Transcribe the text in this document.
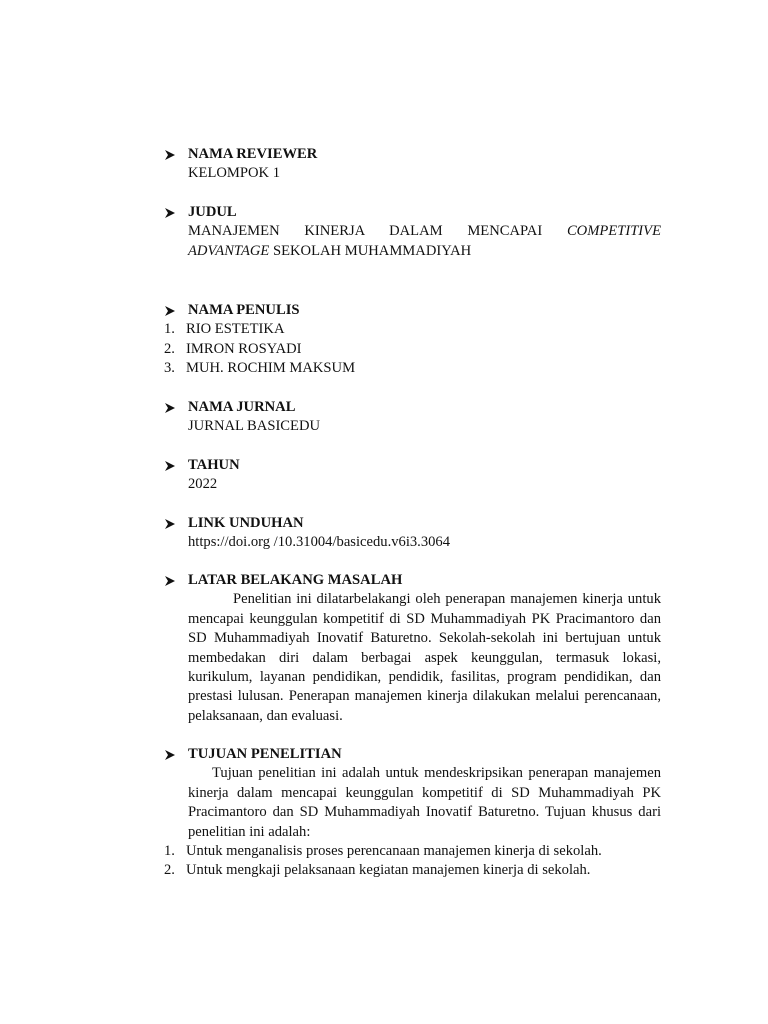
NAMA REVIEWER
KELOMPOK 1
JUDUL
MANAJEMEN KINERJA DALAM MENCAPAI COMPETITIVE
ADVANTAGE SEKOLAH MUHAMMADIYAH
NAMA PENULIS
1. RIO ESTETIKA
2. IMRON ROSYADI
3. MUH. ROCHIM MAKSUM
NAMA JURNAL
JURNAL BASICEDU
TAHUN
2022
LINK UNDUHAN
https://doi.org /10.31004/basicedu.v6i3.3064
LATAR BELAKANG MASALAH
Penelitian ini dilatarbelakangi oleh penerapan manajemen kinerja untuk mencapai keunggulan kompetitif di SD Muhammadiyah PK Pracimantoro dan SD Muhammadiyah Inovatif Baturetno. Sekolah-sekolah ini bertujuan untuk membedakan diri dalam berbagai aspek keunggulan, termasuk lokasi, kurikulum, layanan pendidikan, pendidik, fasilitas, program pendidikan, dan prestasi lulusan. Penerapan manajemen kinerja dilakukan melalui perencanaan, pelaksanaan, dan evaluasi.
TUJUAN PENELITIAN
Tujuan penelitian ini adalah untuk mendeskripsikan penerapan manajemen kinerja dalam mencapai keunggulan kompetitif di SD Muhammadiyah PK Pracimantoro dan SD Muhammadiyah Inovatif Baturetno. Tujuan khusus dari penelitian ini adalah:
1. Untuk menganalisis proses perencanaan manajemen kinerja di sekolah.
2. Untuk mengkaji pelaksanaan kegiatan manajemen kinerja di sekolah.
